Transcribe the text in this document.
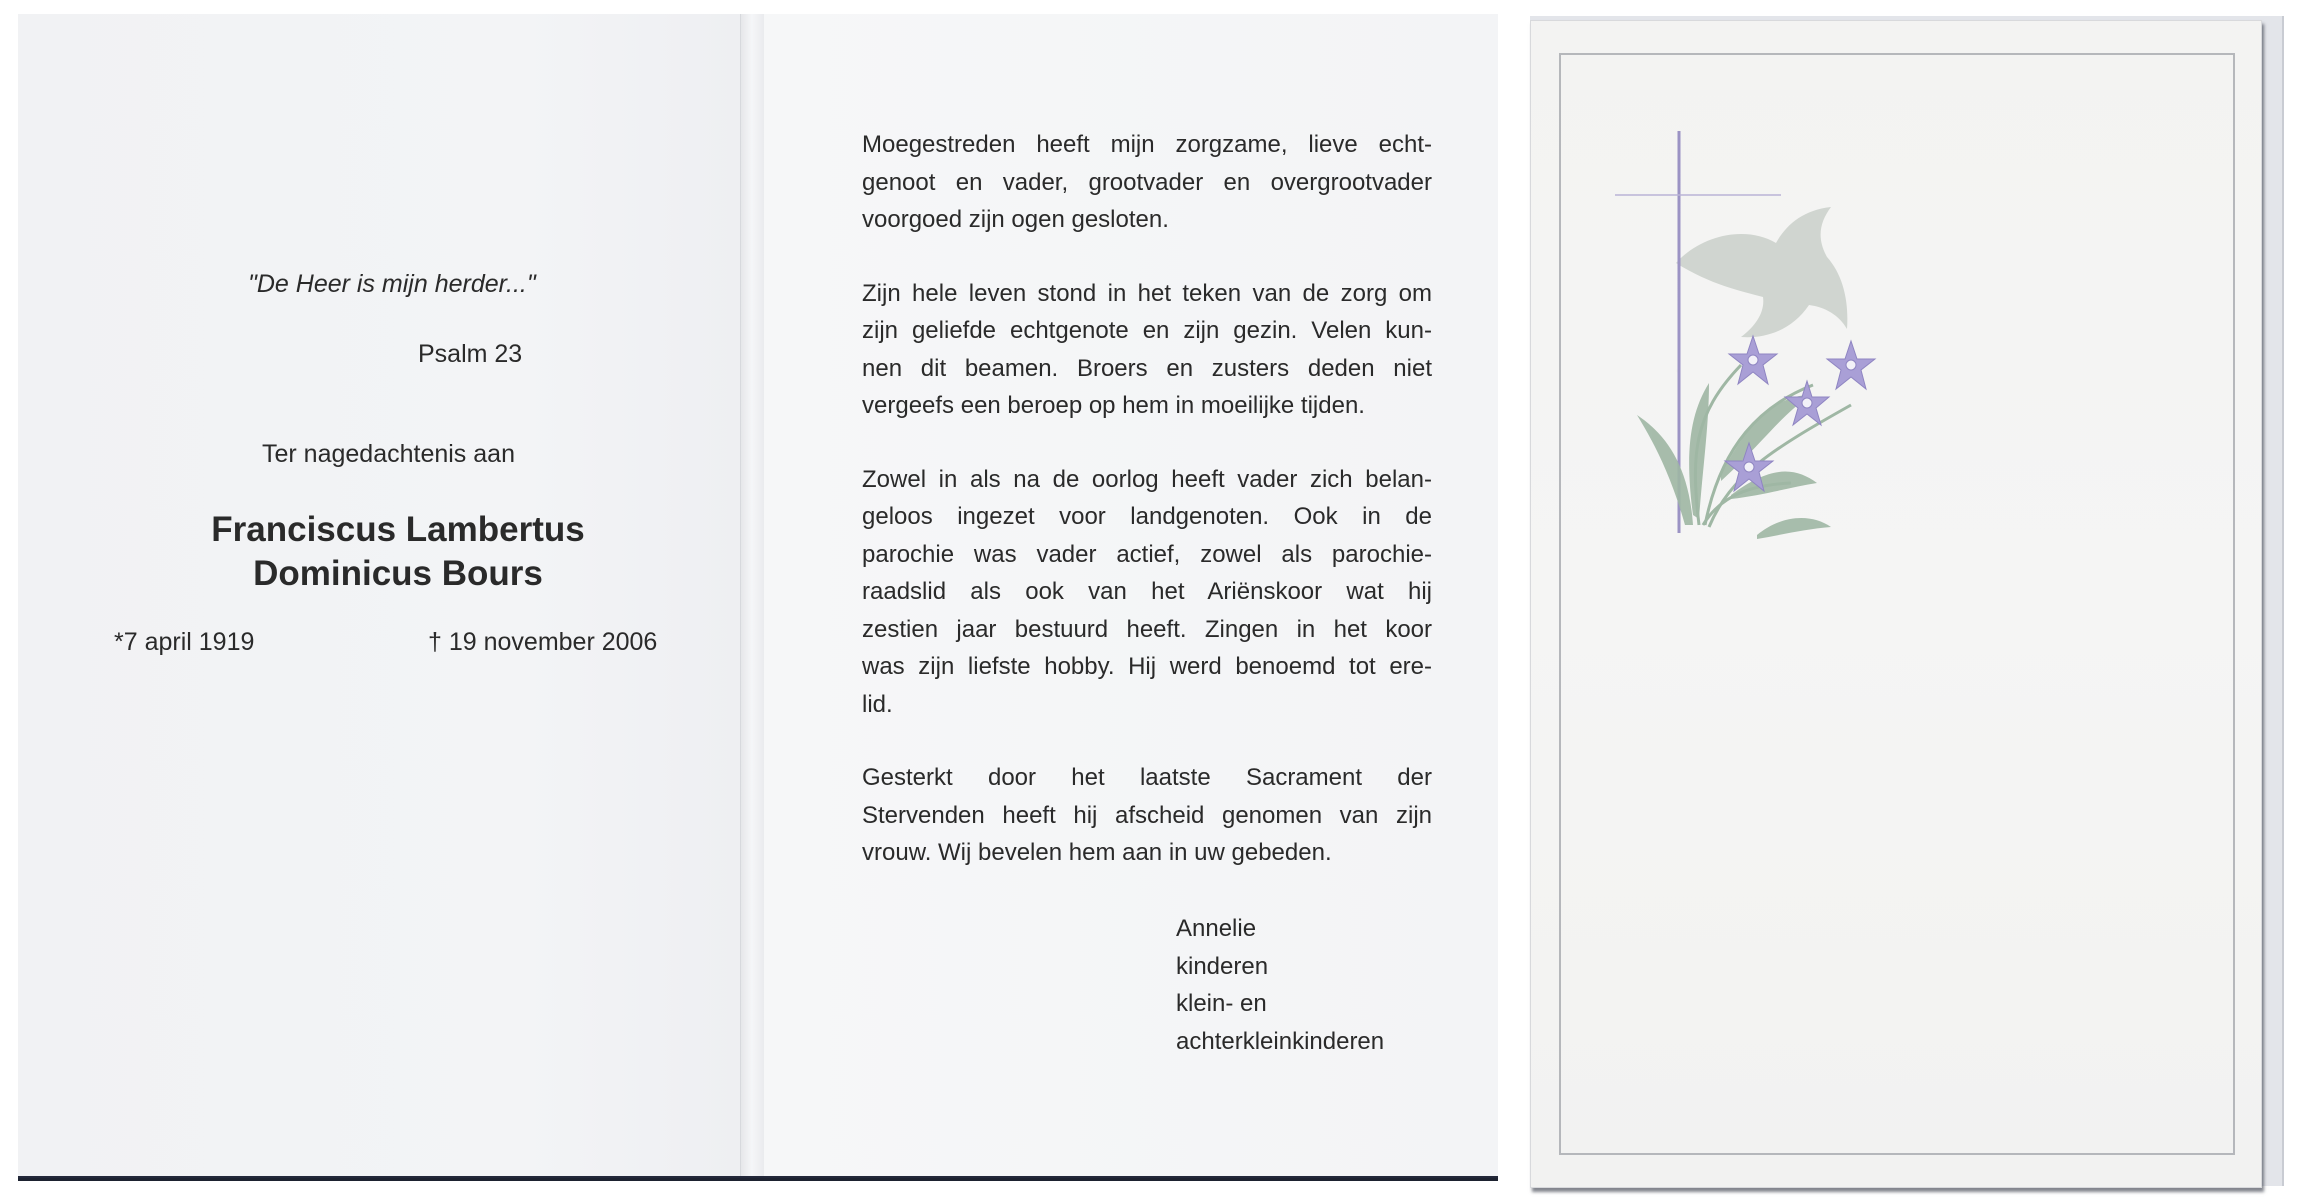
"De Heer is mijn herder..."
Psalm 23
Ter nagedachtenis aan
Franciscus Lambertus
Dominicus Bours
*7 april 1919	† 19 november 2006

Moegestreden heeft mijn zorgzame, lieve echt-
genoot en vader, grootvader en overgrootvader
voorgoed zijn ogen gesloten.

Zijn hele leven stond in het teken van de zorg om
zijn geliefde echtgenote en zijn gezin. Velen kun-
nen dit beamen. Broers en zusters deden niet
vergeefs een beroep op hem in moeilijke tijden.

Zowel in als na de oorlog heeft vader zich belan-
geloos ingezet voor landgenoten. Ook in de
parochie was vader actief, zowel als parochie-
raadslid als ook van het Ariënskoor wat hij
zestien jaar bestuurd heeft. Zingen in het koor
was zijn liefste hobby. Hij werd benoemd tot ere-
lid.

Gesterkt door het laatste Sacrament der
Stervenden heeft hij afscheid genomen van zijn
vrouw. Wij bevelen hem aan in uw gebeden.

Annelie
kinderen
klein- en
achterkleinkinderen
